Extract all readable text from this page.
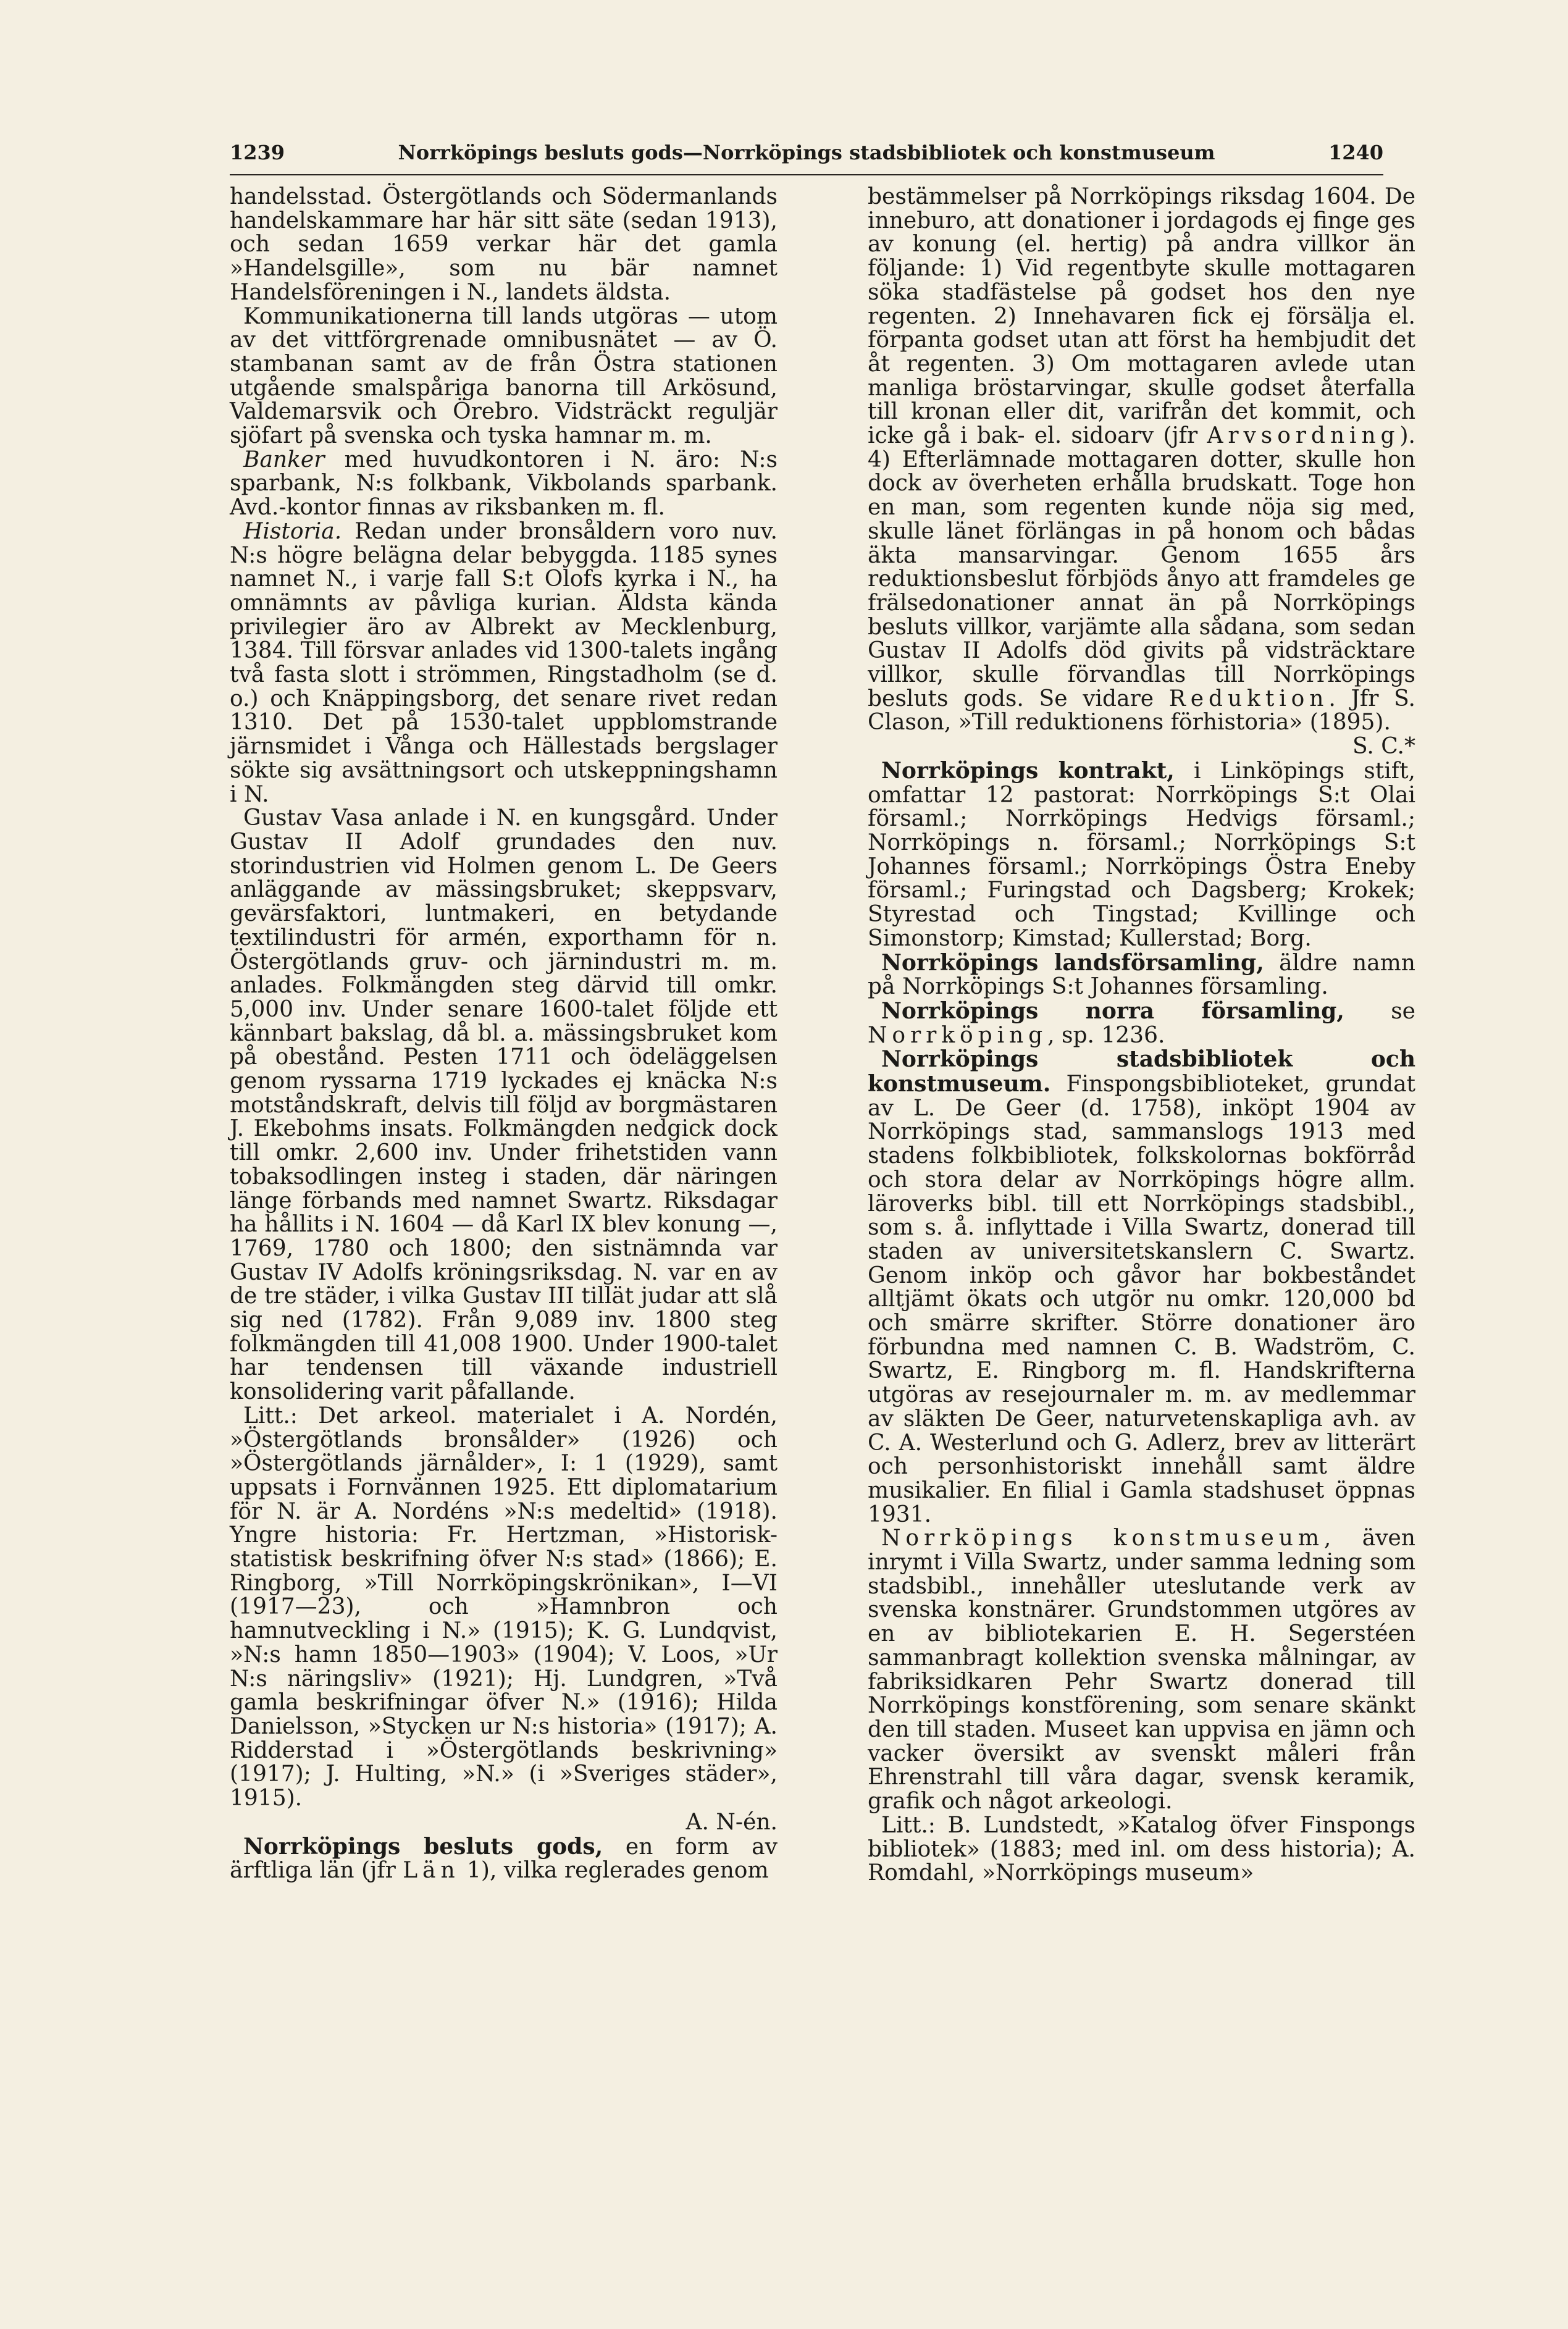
1239	Norrköpings besluts gods—Norrköpings stadsbibliotek och konstmuseum	1240

handelsstad. Östergötlands och Södermanlands handelskammare har här sitt säte (sedan 1913), och sedan 1659 verkar här det gamla »Handelsgille», som nu bär namnet Handelsföreningen i N., landets äldsta.

Kommunikationerna till lands utgöras — utom av det vittförgrenade omnibusnätet — av Ö. stambanan samt av de från Östra stationen utgående smalspåriga banorna till Arkösund, Valdemarsvik och Örebro. Vidsträckt reguljär sjöfart på svenska och tyska hamnar m. m.

Banker med huvudkontoren i N. äro: N:s sparbank, N:s folkbank, Vikbolands sparbank. Avd.-kontor finnas av riksbanken m. fl.

Historia. Redan under bronsåldern voro nuv. N:s högre belägna delar bebyggda. 1185 synes namnet N., i varje fall S:t Olofs kyrka i N., ha omnämnts av påvliga kurian. Äldsta kända privilegier äro av Albrekt av Mecklenburg, 1384. Till försvar anlades vid 1300-talets ingång två fasta slott i strömmen, Ringstadholm (se d. o.) och Knäppingsborg, det senare rivet redan 1310. Det på 1530-talet uppblomstrande järnsmidet i Vånga och Hällestads bergslager sökte sig avsättningsort och utskeppningshamn i N.

Gustav Vasa anlade i N. en kungsgård. Under Gustav II Adolf grundades den nuv. storindustrien vid Holmen genom L. De Geers anläggande av mässingsbruket; skeppsvarv, gevärsfaktori, luntmakeri, en betydande textilindustri för armén, exporthamn för n. Östergötlands gruv- och järnindustri m. m. anlades. Folkmängden steg därvid till omkr. 5,000 inv. Under senare 1600-talet följde ett kännbart bakslag, då bl. a. mässingsbruket kom på obestånd. Pesten 1711 och ödeläggelsen genom ryssarna 1719 lyckades ej knäcka N:s motståndskraft, delvis till följd av borgmästaren J. Ekebohms insats. Folkmängden nedgick dock till omkr. 2,600 inv. Under frihetstiden vann tobaksodlingen insteg i staden, där näringen länge förbands med namnet Swartz. Riksdagar ha hållits i N. 1604 — då Karl IX blev konung —, 1769, 1780 och 1800; den sistnämnda var Gustav IV Adolfs kröningsriksdag. N. var en av de tre städer, i vilka Gustav III tillät judar att slå sig ned (1782). Från 9,089 inv. 1800 steg folkmängden till 41,008 1900. Under 1900-talet har tendensen till växande industriell konsolidering varit påfallande.

Litt.: Det arkeol. materialet i A. Nordén, »Östergötlands bronsålder» (1926) och »Östergötlands järnålder», I: 1 (1929), samt uppsats i Fornvännen 1925. Ett diplomatarium för N. är A. Nordéns »N:s medeltid» (1918). Yngre historia: Fr. Hertzman, »Historisk-statistisk beskrifning öfver N:s stad» (1866); E. Ringborg, »Till Norrköpingskrönikan», I—VI (1917—23), och »Hamnbron och hamnutveckling i N.» (1915); K. G. Lundqvist, »N:s hamn 1850—1903» (1904); V. Loos, »Ur N:s näringsliv» (1921); Hj. Lundgren, »Två gamla beskrifningar öfver N.» (1916); Hilda Danielsson, »Stycken ur N:s historia» (1917); A. Ridderstad i »Östergötlands beskrivning» (1917); J. Hulting, »N.» (i »Sveriges städer», 1915).
A. N-én.

Norrköpings besluts gods, en form av ärftliga län (jfr Län 1), vilka reglerades genom

bestämmelser på Norrköpings riksdag 1604. De inneburo, att donationer i jordagods ej finge ges av konung (el. hertig) på andra villkor än följande: 1) Vid regentbyte skulle mottagaren söka stadfästelse på godset hos den nye regenten. 2) Innehavaren fick ej försälja el. förpanta godset utan att först ha hembjudit det åt regenten. 3) Om mottagaren avlede utan manliga bröstarvingar, skulle godset återfalla till kronan eller dit, varifrån det kommit, och icke gå i bak- el. sidoarv (jfr Arvsordning). 4) Efterlämnade mottagaren dotter, skulle hon dock av överheten erhålla brudskatt. Toge hon en man, som regenten kunde nöja sig med, skulle länet förlängas in på honom och bådas äkta mansarvingar. Genom 1655 års reduktionsbeslut förbjöds ånyo att framdeles ge frälsedonationer annat än på Norrköpings besluts villkor, varjämte alla sådana, som sedan Gustav II Adolfs död givits på vidsträcktare villkor, skulle förvandlas till Norrköpings besluts gods. Se vidare Reduktion. Jfr S. Clason, »Till reduktionens förhistoria» (1895).
S. C.*

Norrköpings kontrakt, i Linköpings stift, omfattar 12 pastorat: Norrköpings S:t Olai församl.; Norrköpings Hedvigs församl.; Norrköpings n. församl.; Norrköpings S:t Johannes församl.; Norrköpings Östra Eneby församl.; Furingstad och Dagsberg; Krokek; Styrestad och Tingstad; Kvillinge och Simonstorp; Kimstad; Kullerstad; Borg.

Norrköpings landsförsamling, äldre namn på Norrköpings S:t Johannes församling.

Norrköpings norra församling, se Norrköping, sp. 1236.

Norrköpings stadsbibliotek och konstmuseum. Finspongsbiblioteket, grundat av L. De Geer (d. 1758), inköpt 1904 av Norrköpings stad, sammanslogs 1913 med stadens folkbibliotek, folkskolornas bokförråd och stora delar av Norrköpings högre allm. läroverks bibl. till ett Norrköpings stadsbibl., som s. å. inflyttade i Villa Swartz, donerad till staden av universitetskanslern C. Swartz. Genom inköp och gåvor har bokbeståndet alltjämt ökats och utgör nu omkr. 120,000 bd och smärre skrifter. Större donationer äro förbundna med namnen C. B. Wadström, C. Swartz, E. Ringborg m. fl. Handskrifterna utgöras av resejournaler m. m. av medlemmar av släkten De Geer, naturvetenskapliga avh. av C. A. Westerlund och G. Adlerz, brev av litterärt och personhistoriskt innehåll samt äldre musikalier. En filial i Gamla stadshuset öppnas 1931.

Norrköpings konstmuseum, även inrymt i Villa Swartz, under samma ledning som stadsbibl., innehåller uteslutande verk av svenska konstnärer. Grundstommen utgöres av en av bibliotekarien E. H. Segerstéen sammanbragt kollektion svenska målningar, av fabriksidkaren Pehr Swartz donerad till Norrköpings konstförening, som senare skänkt den till staden. Museet kan uppvisa en jämn och vacker översikt av svenskt måleri från Ehrenstrahl till våra dagar, svensk keramik, grafik och något arkeologi.

Litt.: B. Lundstedt, »Katalog öfver Finspongs bibliotek» (1883; med inl. om dess historia); A. Romdahl, »Norrköpings museum»
